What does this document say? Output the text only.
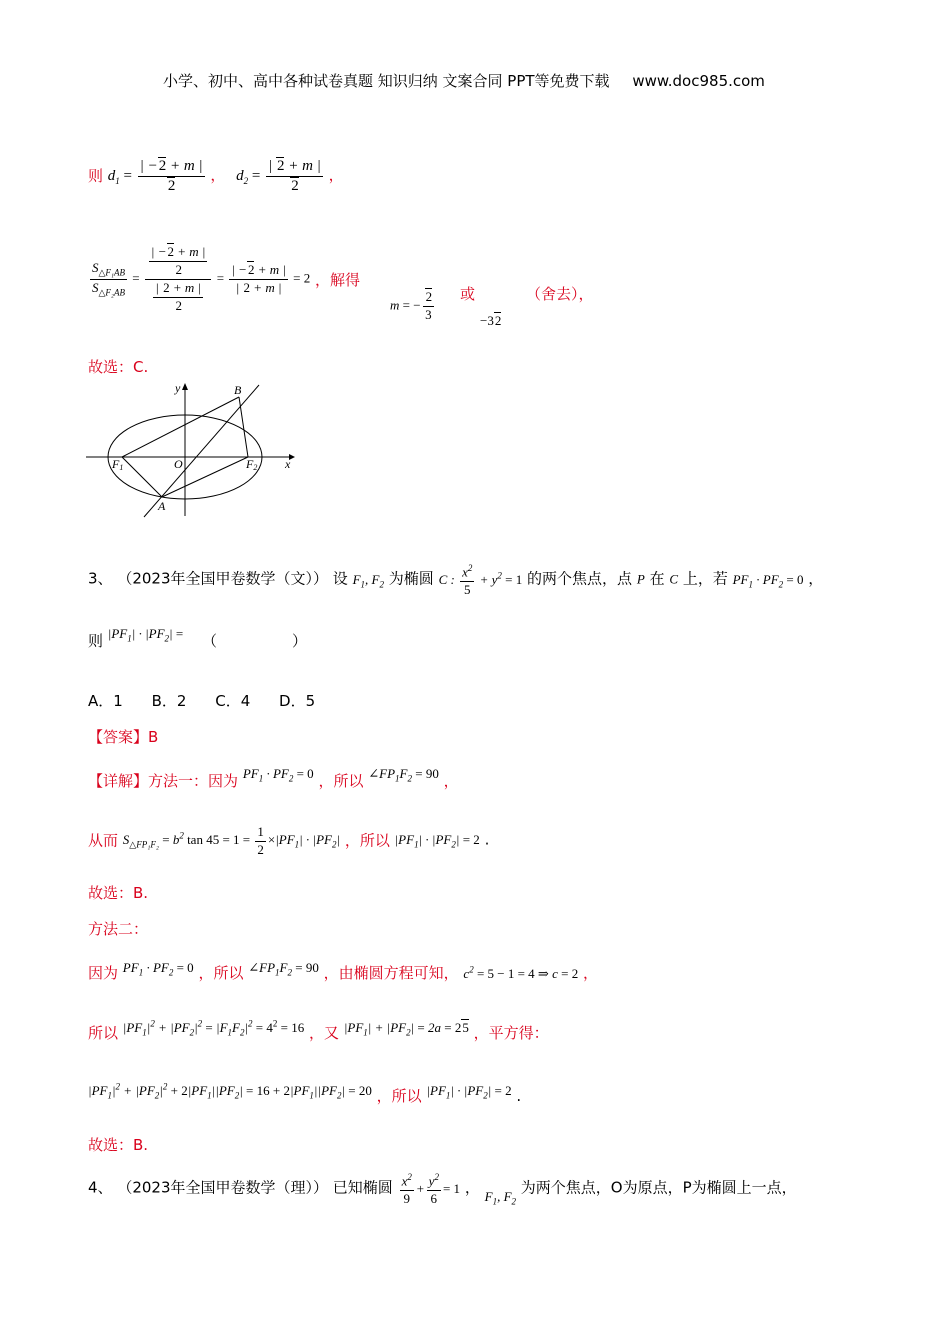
小学、初中、高中各种试卷真题 知识归纳 文案合同 PPT等免费下载 www.doc985.com
则 $d_1 = \frac{| -2 + m |}{2}$ ， $d_2 = \frac{| 2 + m |}{2}$ ，
$\frac{S_{\triangle F_1AB}}{S_{\triangle F_2AB}} = \frac{\frac{| -2 + m |}{2}}{\frac{| 2 + m |}{2}} = \frac{| -2 + m |}{| 2 + m |} = 2$ ，解得
或	（舍去），
m = − $\frac{2}{3}$	−32
故选：C.
y
x
O
B
A
F1	F2
3、 （2023年全国甲卷数学（文）） 设 $F_1$, $F_2$ 为椭圆 C : $\frac{x^2}{5} + y^2 = 1$ 的两个焦点，点 P 在 C 上，若 $PF_1 \cdot PF_2 = 0$ ，
则 $|PF_1| \cdot |PF_2|$ = （　　　　　）
A．1 B．2 C．4 D．5
【答案】B
【详解】方法一：因为 $PF_1 \cdot PF_2 = 0$ ，所以 $\angle FP_1F_2 = 90$ ，
从而 $S_{\triangle FP_1F_2} = b^2$ $\tan 45 = 1 = \frac{1}{2} \times|PF_1| \cdot |PF_2|$ ，所以 $|PF_1| \cdot |PF_2| = 2$ .
故选：B.
方法二：
因为 $PF_1 \cdot PF_2 = 0$ ，所以 $\angle FP_1F_2 = 90$ ，由椭圆方程可知， $c^2 = 5 - 1 = 4$ ⇒ c = 2 ，
所以 $|PF_1|^2 + |PF_2|^2 = |F_1F_2|^2 = 4^2 = 16$ ，又 $|PF_1| + |PF_2| = 2a = 25$ ，平方得：
$|PF_1|^2 + |PF_2|^2 + 2|PF_1||PF_2| = 16 + 2|PF_1||PF_2| = 20$ ，所以 $|PF_1| \cdot |PF_2| = 2$ .
故选：B.
4、 （2023年全国甲卷数学（理）） 已知椭圆 $\frac{x^2}{9} + \frac{y^2}{6} = 1$ ， $F_1$, $F_2$ 为两个焦点，O为原点，P为椭圆上一点，
